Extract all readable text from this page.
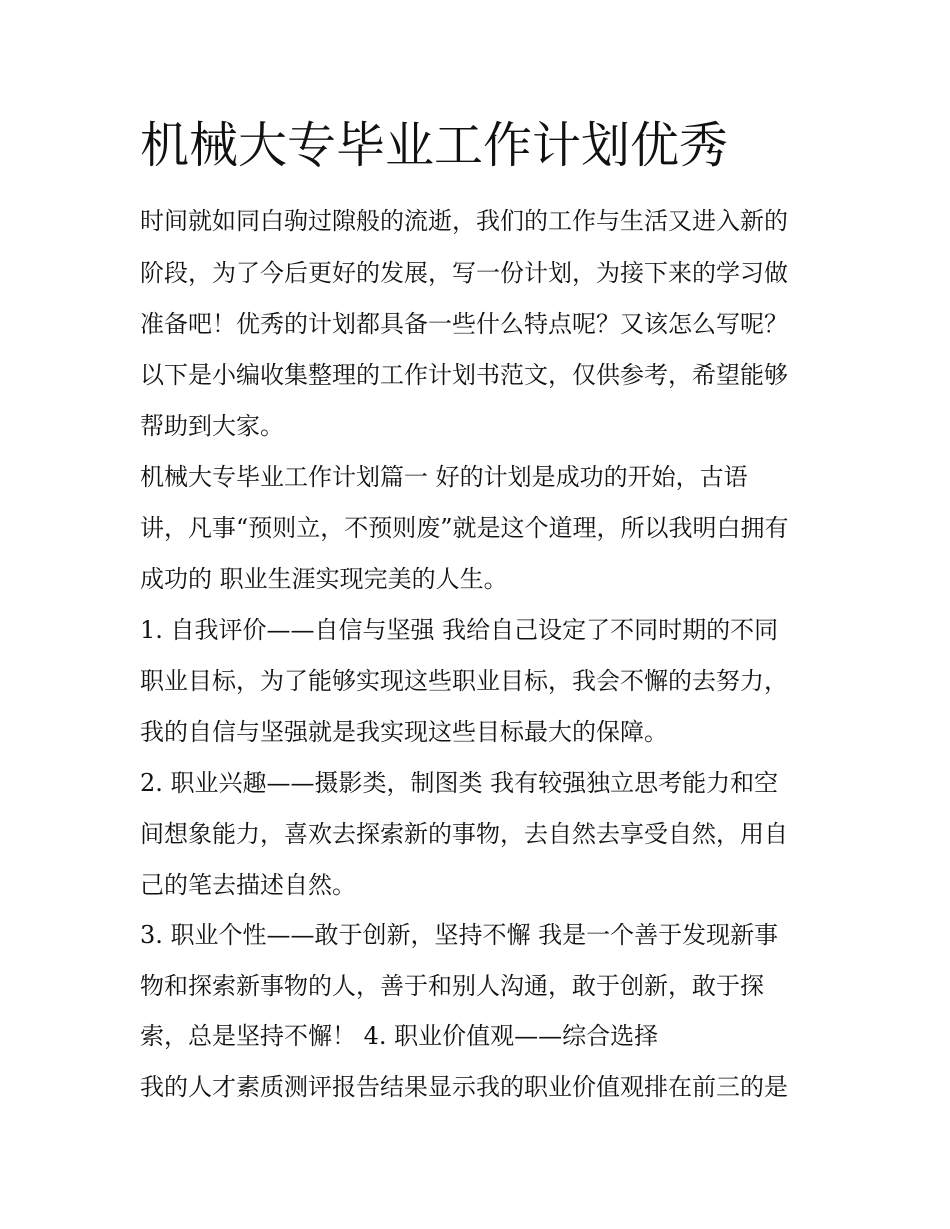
机械大专毕业工作计划优秀

时间就如同白驹过隙般的流逝，我们的工作与生活又进入新的

阶段，为了今后更好的发展，写一份计划，为接下来的学习做

准备吧！优秀的计划都具备一些什么特点呢？又该怎么写呢？

以下是小编收集整理的工作计划书范文，仅供参考，希望能够

帮助到大家。

机械大专毕业工作计划篇一 好的计划是成功的开始，古语

讲，凡事“预则立，不预则废”就是这个道理，所以我明白拥有

成功的 职业生涯实现完美的人生。

1. 自我评价——自信与坚强 我给自己设定了不同时期的不同

职业目标，为了能够实现这些职业目标，我会不懈的去努力，

我的自信与坚强就是我实现这些目标最大的保障。

2. 职业兴趣——摄影类，制图类 我有较强独立思考能力和空

间想象能力，喜欢去探索新的事物，去自然去享受自然，用自

己的笔去描述自然。

3. 职业个性——敢于创新，坚持不懈 我是一个善于发现新事

物和探索新事物的人，善于和别人沟通，敢于创新，敢于探

索，总是坚持不懈！ 4. 职业价值观——综合选择

我的人才素质测评报告结果显示我的职业价值观排在前三的是
